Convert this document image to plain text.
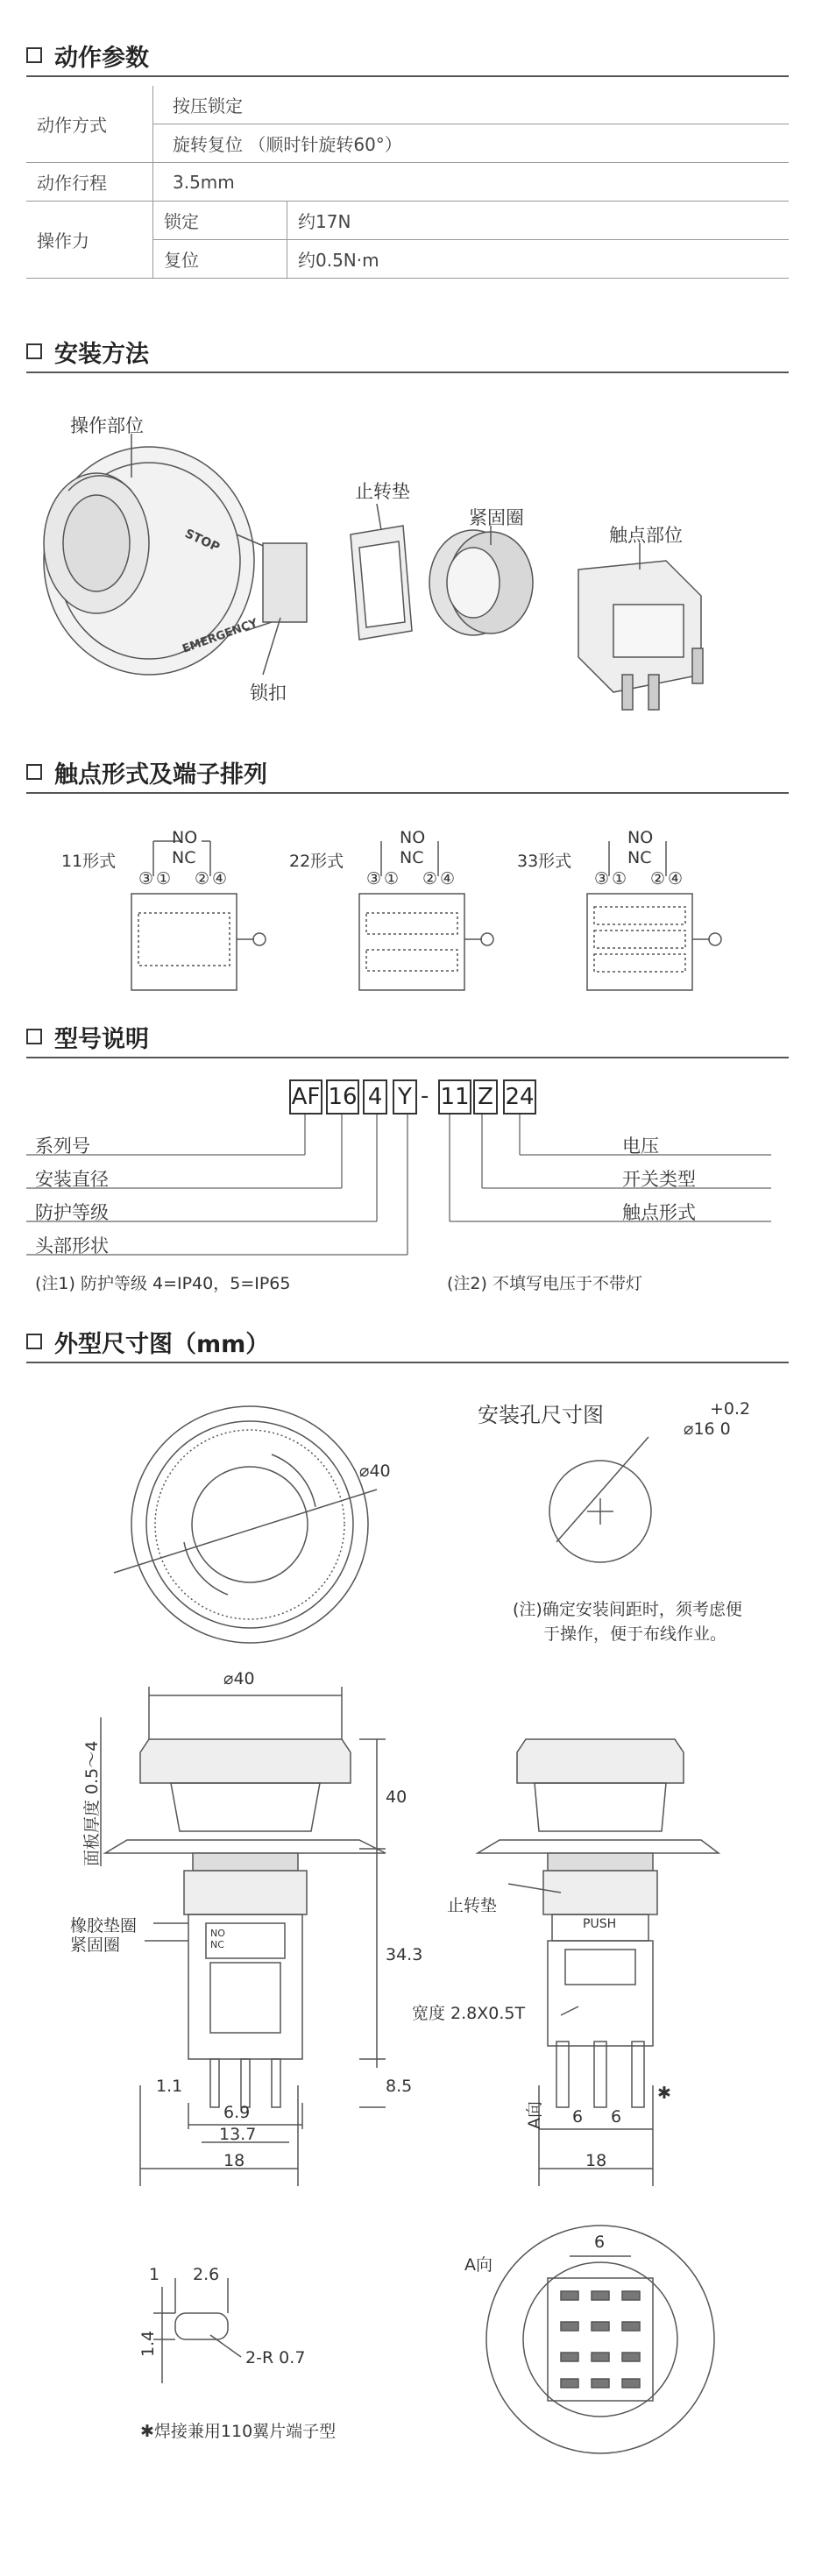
动作参数
动作方式	按压锁定	
	旋转复位 （顺时针旋转60°）	
动作行程	3.5mm	
操作力	锁定	约17N
	复位	约0.5N·m
安装方法
STOP
EMERGENCY
操作部位
止转垫
紧固圈
触点部位
锁扣
触点形式及端子排列
11形式	22形式	33形式
NO
NC
NO
NC
NO
NC
③ ① ② ④	③ ① ② ④	③ ① ② ④
型号说明
AF 16 4 Y - 11 Z 24
系列号
安装直径
防护等级
头部形状
电压
开关类型
触点形式
(注1) 防护等级 4=IP40，5=IP65	(注2) 不填写电压于不带灯
外型尺寸图（mm）
安装孔尺寸图	+0.2
⌀16 0
(注)确定安装间距时，须考虑便
于操作，便于布线作业。
⌀40
⌀40
面板厚度 0.5～4	40
34.3
8.5
1.1
6.9
13.7
18
橡胶垫圈
紧固圈
NO
NC
止转垫
PUSH
宽度 2.8X0.5T
A向 6 6
18
✱
1 2.6
1.4
2-R 0.7
A向
6
✱焊接兼用110翼片端子型
